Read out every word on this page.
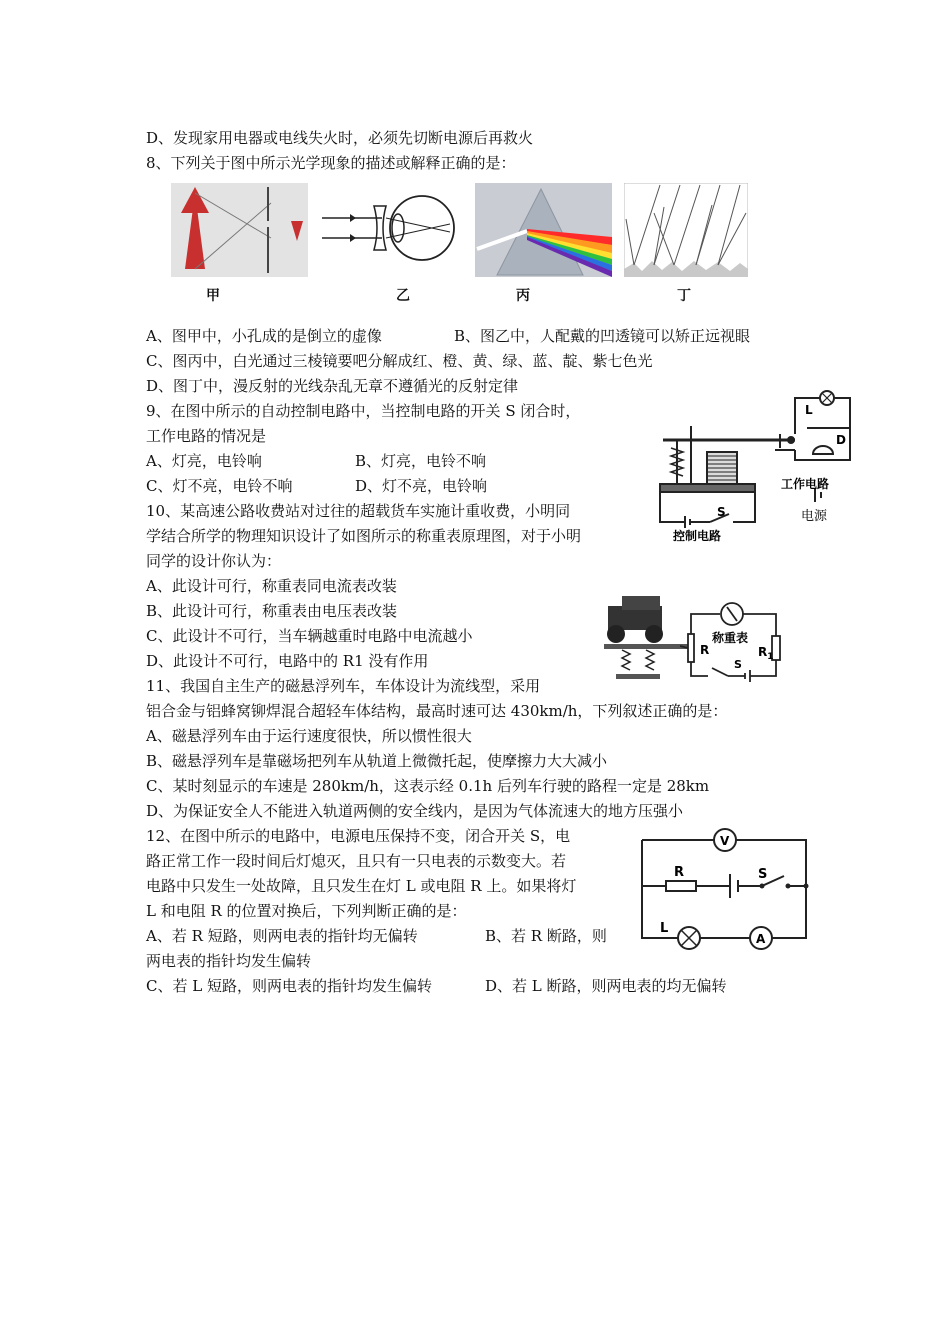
D、发现家用电器或电线失火时，必须先切断电源后再救火
8、下列关于图中所示光学现象的描述或解释正确的是：
甲	乙	丙	丁
A、图甲中，小孔成的是倒立的虚像	B、图乙中，人配戴的凹透镜可以矫正远视眼
C、图丙中，白光通过三棱镜要吧分解成红、橙、黄、绿、蓝、靛、紫七色光
D、图丁中，漫反射的光线杂乱无章不遵循光的反射定律
9、在图中所示的自动控制电路中，当控制电路的开关 S 闭合时，
工作电路的情况是
A、灯亮，电铃响	B、灯亮，电铃不响
C、灯不亮，电铃不响	D、灯不亮，电铃响
L
D
S
工作电路
电源
控制电路
10、某高速公路收费站对过往的超载货车实施计重收费，小明同
学结合所学的物理知识设计了如图所示的称重表原理图，对于小明
同学的设计你认为：
A、此设计可行，称重表同电流表改装
B、此设计可行，称重表由电压表改装
C、此设计不可行，当车辆越重时电路中电流越小
D、此设计不可行，电路中的 R1 没有作用
称重表
R	$R_1$
S
11、我国自主生产的磁悬浮列车，车体设计为流线型，采用
铝合金与铝蜂窝铆焊混合超轻车体结构，最高时速可达 430km/h，下列叙述正确的是：
A、磁悬浮列车由于运行速度很快，所以惯性很大
B、磁悬浮列车是靠磁场把列车从轨道上微微托起，使摩擦力大大减小
C、某时刻显示的车速是 280km/h，这表示经 0.1h 后列车行驶的路程一定是 28km
D、为保证安全人不能进入轨道两侧的安全线内，是因为气体流速大的地方压强小
12、在图中所示的电路中，电源电压保持不变，闭合开关 S，电
路正常工作一段时间后灯熄灭，且只有一只电表的示数变大。若
电路中只发生一处故障，且只发生在灯 L 或电阻 R 上。如果将灯
L 和电阻 R 的位置对换后，下列判断正确的是：
A、若 R 短路，则两电表的指针均无偏转	B、若 R 断路，则
两电表的指针均发生偏转
C、若 L 短路，则两电表的指针均发生偏转	D、若 L 断路，则两电表的均无偏转
V
A
R	S
L
